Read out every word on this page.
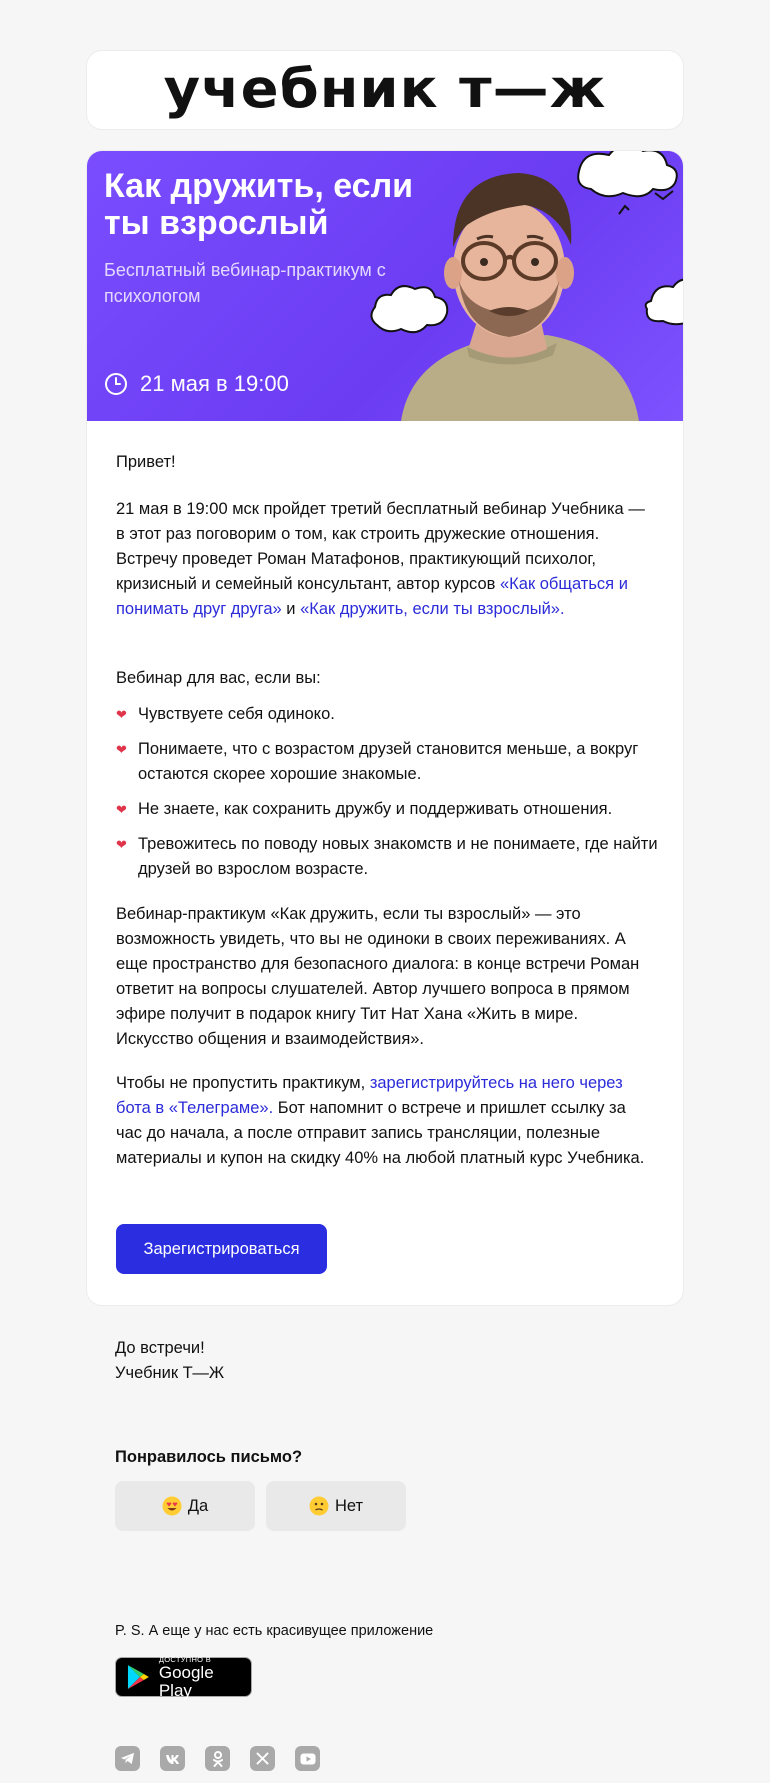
учебник т—ж
Как дружить, если ты взрослый
Бесплатный вебинар-практикум с психологом
21 мая в 19:00
Привет!
21 мая в 19:00 мск пройдет третий бесплатный вебинар Учебника — в этот раз поговорим о том, как строить дружеские отношения. Встречу проведет Роман Матафонов, практикующий психолог, кризисный и семейный консультант, автор курсов «Как общаться и понимать друг друга» и «Как дружить, если ты взрослый».
Вебинар для вас, если вы:
❤ Чувствуете себя одиноко.
❤ Понимаете, что с возрастом друзей становится меньше, а вокруг остаются скорее хорошие знакомые.
❤ Не знаете, как сохранить дружбу и поддерживать отношения.
❤ Тревожитесь по поводу новых знакомств и не понимаете, где найти друзей во взрослом возрасте.
Вебинар-практикум «Как дружить, если ты взрослый» — это возможность увидеть, что вы не одиноки в своих переживаниях. А еще пространство для безопасного диалога: в конце встречи Роман ответит на вопросы слушателей. Автор лучшего вопроса в прямом эфире получит в подарок книгу Тит Нат Хана «Жить в мире. Искусство общения и взаимодействия».
Чтобы не пропустить практикум, зарегистрируйтесь на него через бота в «Телеграме». Бот напомнит о встрече и пришлет ссылку за час до начала, а после отправит запись трансляции, полезные материалы и купон на скидку 40% на любой платный курс Учебника.
Зарегистрироваться
До встречи!
Учебник Т—Ж
Понравилось письмо?
Да	Нет
P. S. А еще у нас есть красивущее приложение
ДОСТУПНО В
Google Play
